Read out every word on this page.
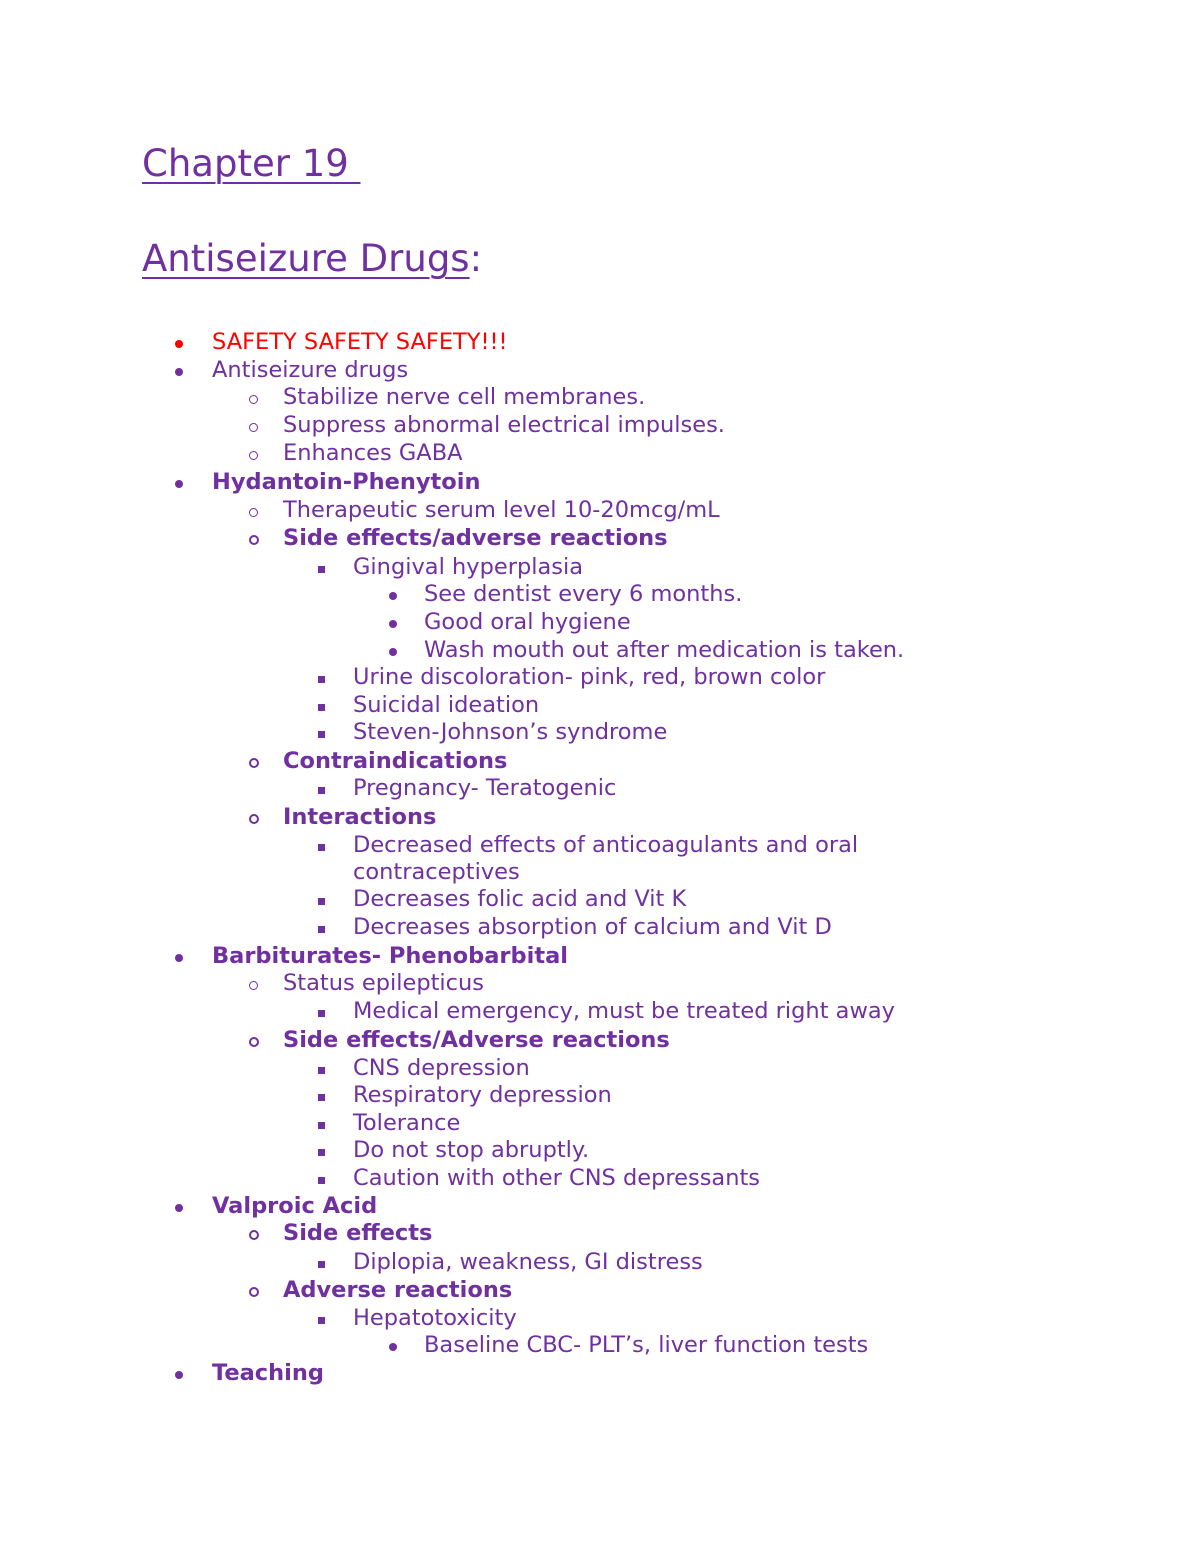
Chapter 19
Antiseizure Drugs:
SAFETY SAFETY SAFETY!!!
Antiseizure drugs
Stabilize nerve cell membranes.
Suppress abnormal electrical impulses.
Enhances GABA
Hydantoin-Phenytoin
Therapeutic serum level 10-20mcg/mL
Side effects/adverse reactions
Gingival hyperplasia
See dentist every 6 months.
Good oral hygiene
Wash mouth out after medication is taken.
Urine discoloration- pink, red, brown color
Suicidal ideation
Steven-Johnson’s syndrome
Contraindications
Pregnancy- Teratogenic
Interactions
Decreased effects of anticoagulants and oral
contraceptives
Decreases folic acid and Vit K
Decreases absorption of calcium and Vit D
Barbiturates- Phenobarbital
Status epilepticus
Medical emergency, must be treated right away
Side effects/Adverse reactions
CNS depression
Respiratory depression
Tolerance
Do not stop abruptly.
Caution with other CNS depressants
Valproic Acid
Side effects
Diplopia, weakness, GI distress
Adverse reactions
Hepatotoxicity
Baseline CBC- PLT’s, liver function tests
Teaching
